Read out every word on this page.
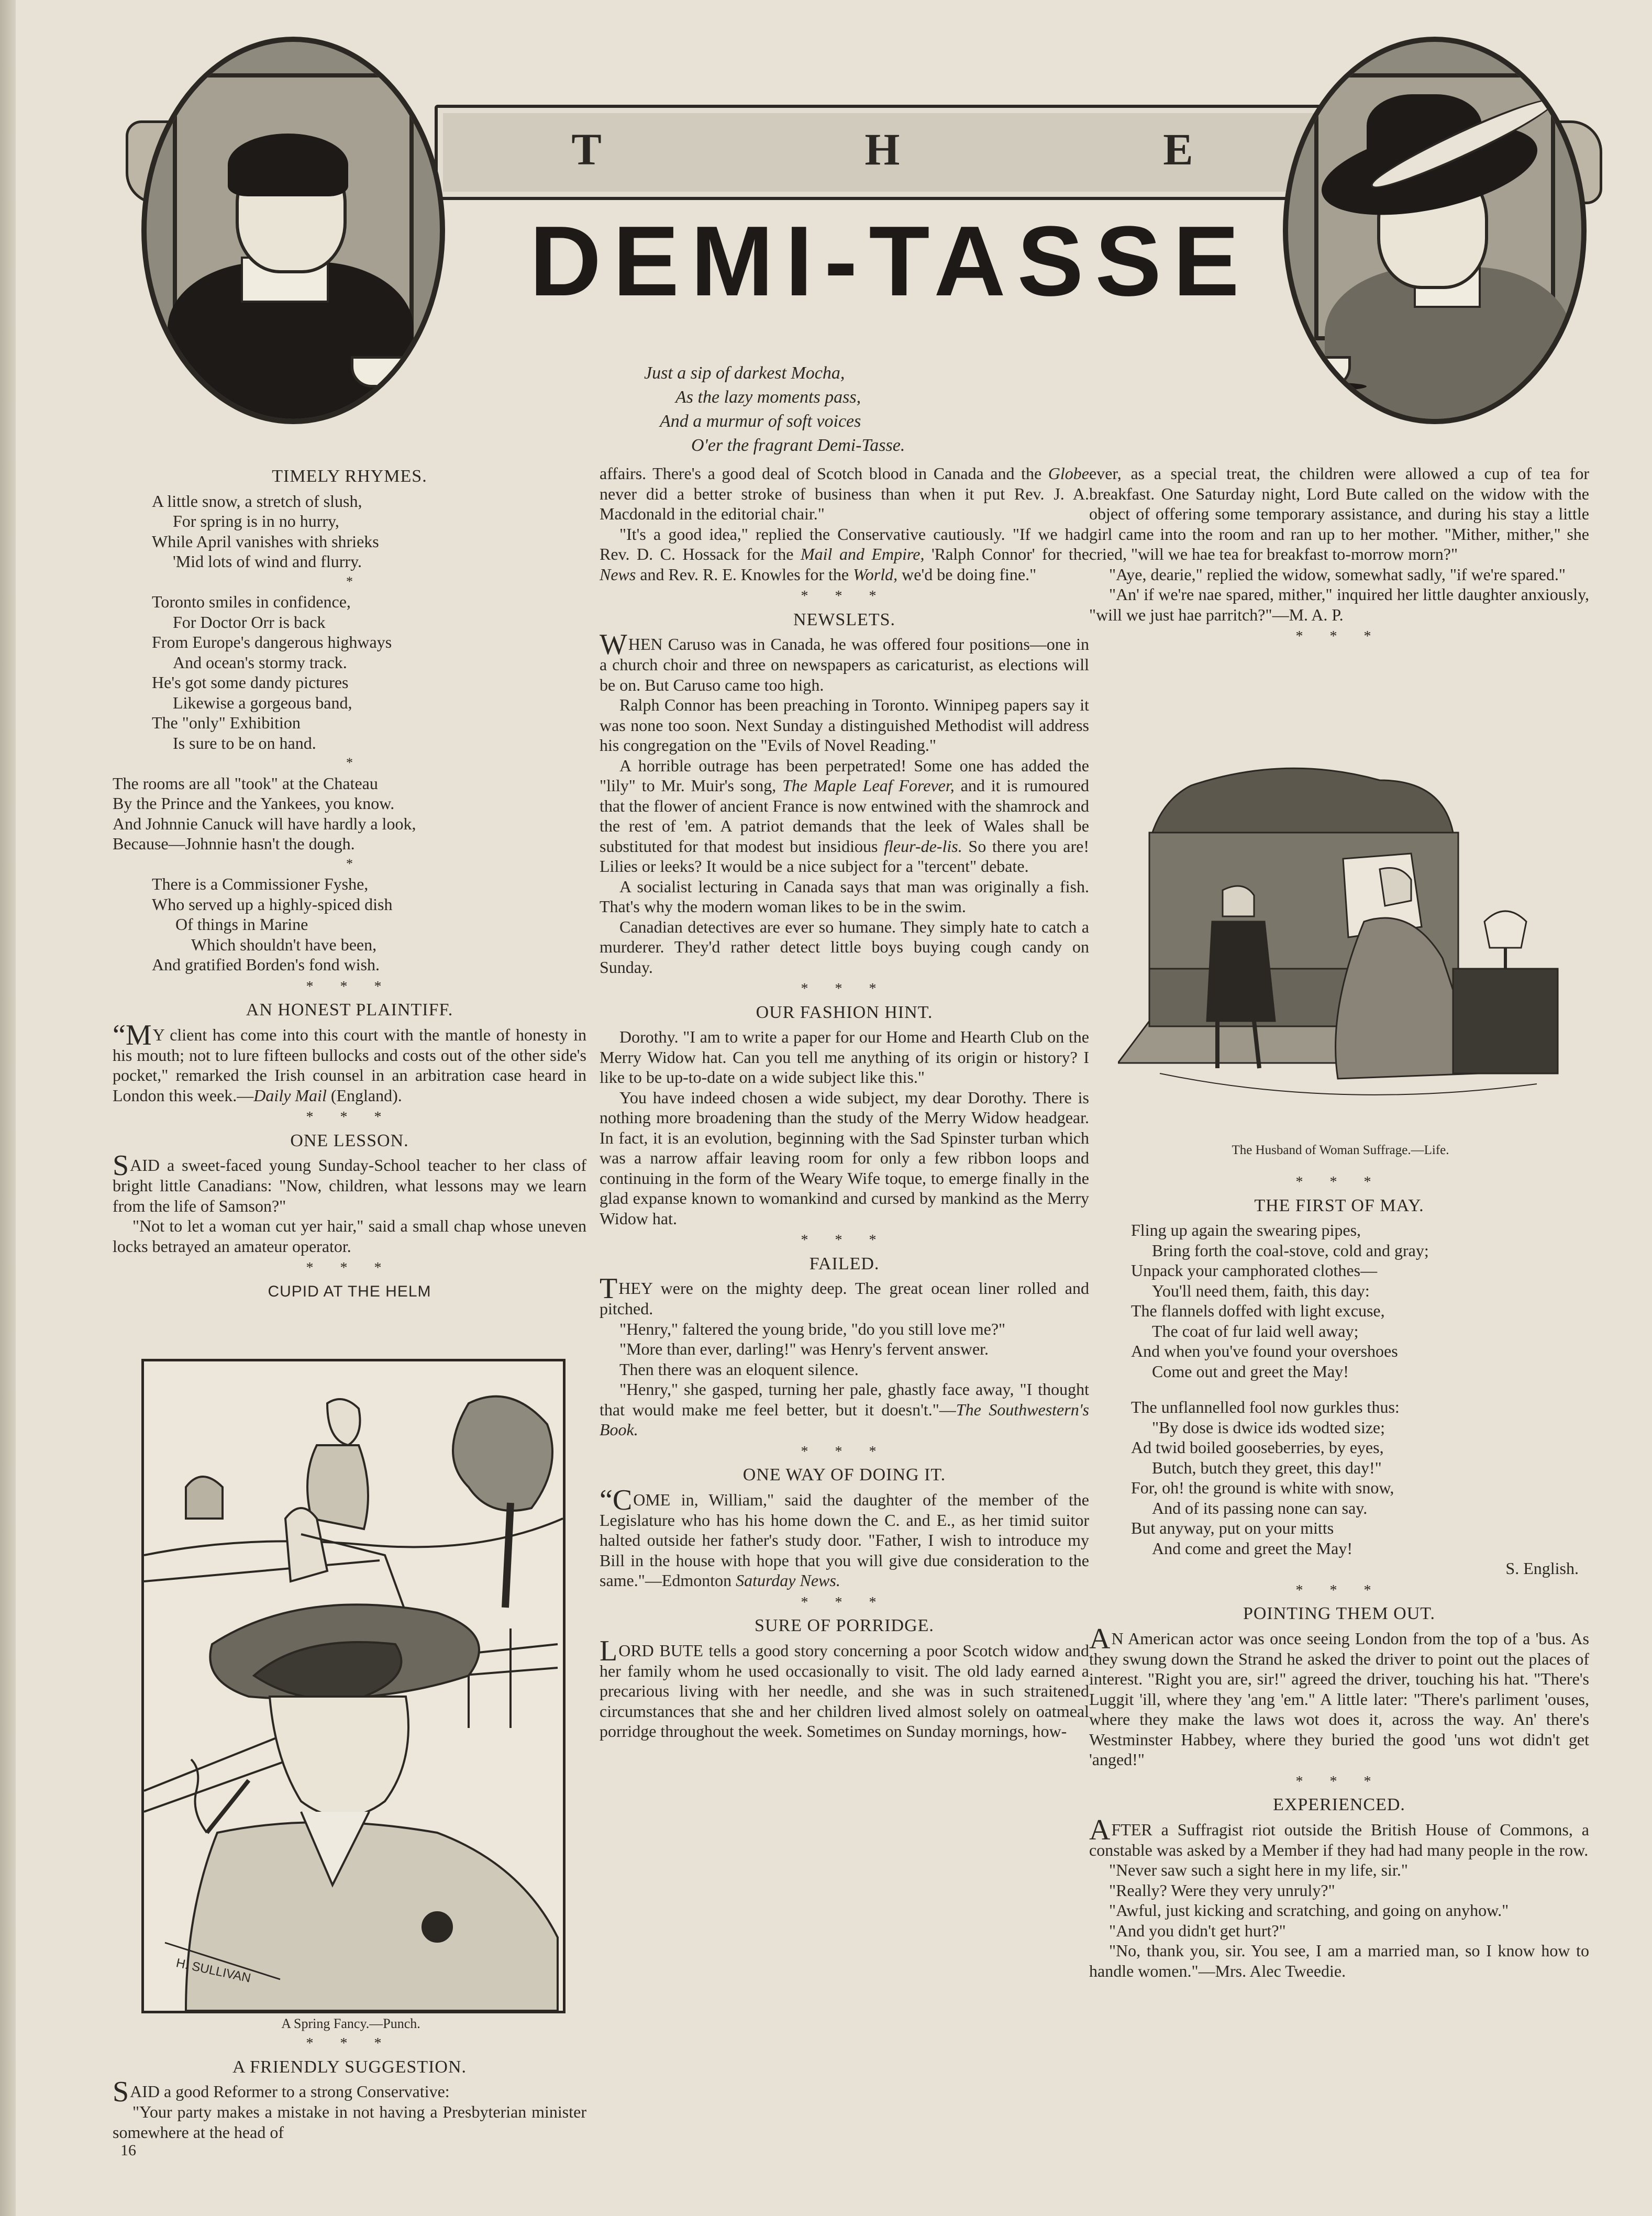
T	H	E
DEMI-TASSE
Just a sip of darkest Mocha,
As the lazy moments pass,
And a murmur of soft voices
O'er the fragrant Demi-Tasse.
TIMELY RHYMES.
A little snow, a stretch of slush,
For spring is in no hurry,
While April vanishes with shrieks
'Mid lots of wind and flurry.
*
Toronto smiles in confidence,
For Doctor Orr is back
From Europe's dangerous highways
And ocean's stormy track.
He's got some dandy pictures
Likewise a gorgeous band,
The "only" Exhibition
Is sure to be on hand.
*
The rooms are all "took" at the Chateau
By the Prince and the Yankees, you know.
And Johnnie Canuck will have hardly a look,
Because—Johnnie hasn't the dough.
*
There is a Commissioner Fyshe,
Who served up a highly-spiced dish
Of things in Marine
Which shouldn't have been,
And gratified Borden's fond wish.
* * *
AN HONEST PLAINTIFF.

“MY client has come into this court with the mantle of honesty in his mouth; not to lure fifteen bullocks and costs out of the other side's pocket," remarked the Irish counsel in an arbitration case heard in London this week.—Daily Mail (England).

* * *
ONE LESSON.

SAID a sweet-faced young Sunday-School teacher to her class of bright little Canadians: "Now, children, what lessons may we learn from the life of Samson?"

"Not to let a woman cut yer hair," said a small chap whose uneven locks betrayed an amateur operator.

* * *
CUPID AT THE HELM
H. SULLIVAN
A Spring Fancy.—Punch.
* * *
A FRIENDLY SUGGESTION.

SAID a good Reformer to a strong Conservative:

"Your party makes a mistake in not having a Presbyterian minister somewhere at the head of

16

affairs. There's a good deal of Scotch blood in Canada and the Globe never did a better stroke of business than when it put Rev. J. A. Macdonald in the editorial chair."

"It's a good idea," replied the Conservative cautiously. "If we had Rev. D. C. Hossack for the Mail and Empire, 'Ralph Connor' for the News and Rev. R. E. Knowles for the World, we'd be doing fine."

* * *
NEWSLETS.

WHEN Caruso was in Canada, he was offered four positions—one in a church choir and three on newspapers as caricaturist, as elections will be on. But Caruso came too high.

Ralph Connor has been preaching in Toronto. Winnipeg papers say it was none too soon. Next Sunday a distinguished Methodist will address his congregation on the "Evils of Novel Reading."

A horrible outrage has been perpetrated! Some one has added the "lily" to Mr. Muir's song, The Maple Leaf Forever, and it is rumoured that the flower of ancient France is now entwined with the shamrock and the rest of 'em. A patriot demands that the leek of Wales shall be substituted for that modest but insidious fleur-de-lis. So there you are! Lilies or leeks? It would be a nice subject for a "tercent" debate.

A socialist lecturing in Canada says that man was originally a fish. That's why the modern woman likes to be in the swim.

Canadian detectives are ever so humane. They simply hate to catch a murderer. They'd rather detect little boys buying cough candy on Sunday.

* * *
OUR FASHION HINT.

Dorothy. "I am to write a paper for our Home and Hearth Club on the Merry Widow hat. Can you tell me anything of its origin or history? I like to be up-to-date on a wide subject like this."

You have indeed chosen a wide subject, my dear Dorothy. There is nothing more broadening than the study of the Merry Widow headgear. In fact, it is an evolution, beginning with the Sad Spinster turban which was a narrow affair leaving room for only a few ribbon loops and continuing in the form of the Weary Wife toque, to emerge finally in the glad expanse known to womankind and cursed by mankind as the Merry Widow hat.

* * *
FAILED.

THEY were on the mighty deep. The great ocean liner rolled and pitched.

"Henry," faltered the young bride, "do you still love me?"

"More than ever, darling!" was Henry's fervent answer.

Then there was an eloquent silence.

"Henry," she gasped, turning her pale, ghastly face away, "I thought that would make me feel better, but it doesn't."—The Southwestern's Book.

* * *
ONE WAY OF DOING IT.

“COME in, William," said the daughter of the member of the Legislature who has his home down the C. and E., as her timid suitor halted outside her father's study door. "Father, I wish to introduce my Bill in the house with hope that you will give due consideration to the same."—Edmonton Saturday News.

* * *
SURE OF PORRIDGE.

LORD BUTE tells a good story concerning a poor Scotch widow and her family whom he used occasionally to visit. The old lady earned a precarious living with her needle, and she was in such straitened circumstances that she and her children lived almost solely on oatmeal porridge throughout the week. Sometimes on Sunday mornings, how-

ever, as a special treat, the children were allowed a cup of tea for breakfast. One Saturday night, Lord Bute called on the widow with the object of offering some temporary assistance, and during his stay a little girl came into the room and ran up to her mother. "Mither, mither," she cried, "will we hae tea for breakfast to-morrow morn?"

"Aye, dearie," replied the widow, somewhat sadly, "if we're spared."

"An' if we're nae spared, mither," inquired her little daughter anxiously, "will we just hae parritch?"—M. A. P.

* * *
The Husband of Woman Suffrage.—Life.
* * *
THE FIRST OF MAY.
Fling up again the swearing pipes,
Bring forth the coal-stove, cold and gray;
Unpack your camphorated clothes—
You'll need them, faith, this day:
The flannels doffed with light excuse,
The coat of fur laid well away;
And when you've found your overshoes
Come out and greet the May!
The unflannelled fool now gurkles thus:
"By dose is dwice ids wodted size;
Ad twid boiled gooseberries, by eyes,
Butch, butch they greet, this day!"
For, oh! the ground is white with snow,
And of its passing none can say.
But anyway, put on your mitts
And come and greet the May!
S. English.
* * *
POINTING THEM OUT.

AN American actor was once seeing London from the top of a 'bus. As they swung down the Strand he asked the driver to point out the places of interest. "Right you are, sir!" agreed the driver, touching his hat. "There's Luggit 'ill, where they 'ang 'em." A little later: "There's parliment 'ouses, where they make the laws wot does it, across the way. An' there's Westminster Habbey, where they buried the good 'uns wot didn't get 'anged!"

* * *
EXPERIENCED.

AFTER a Suffragist riot outside the British House of Commons, a constable was asked by a Member if they had had many people in the row.

"Never saw such a sight here in my life, sir."

"Really? Were they very unruly?"

"Awful, just kicking and scratching, and going on anyhow."

"And you didn't get hurt?"

"No, thank you, sir. You see, I am a married man, so I know how to handle women."—Mrs. Alec Tweedie.
